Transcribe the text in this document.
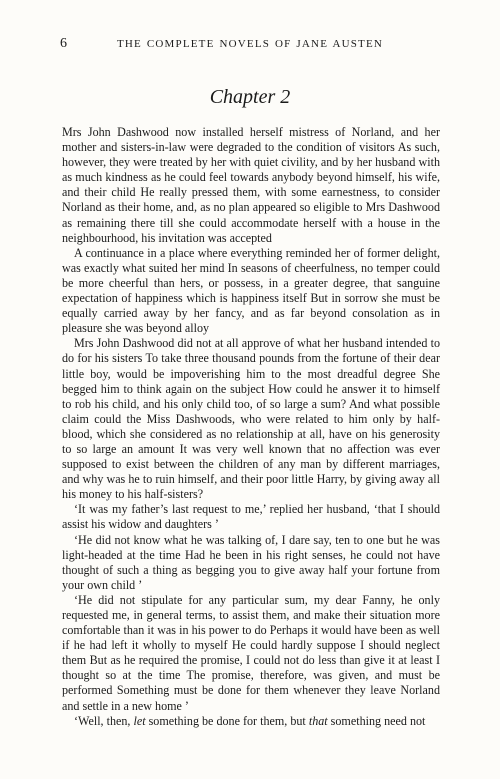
6	THE COMPLETE NOVELS OF JANE AUSTEN
Chapter 2

Mrs John Dashwood now installed herself mistress of Norland, and her mother and sisters-in-law were degraded to the condition of visitors As such, however, they were treated by her with quiet civility, and by her husband with as much kindness as he could feel towards anybody beyond himself, his wife, and their child He really pressed them, with some earnestness, to consider Norland as their home, and, as no plan appeared so eligible to Mrs Dashwood as remaining there till she could accommodate herself with a house in the neighbourhood, his invitation was accepted

A continuance in a place where everything reminded her of former delight, was exactly what suited her mind In seasons of cheerfulness, no temper could be more cheerful than hers, or possess, in a greater degree, that sanguine expectation of happiness which is happiness itself But in sorrow she must be equally carried away by her fancy, and as far beyond consolation as in pleasure she was beyond alloy

Mrs John Dashwood did not at all approve of what her husband intended to do for his sisters To take three thousand pounds from the fortune of their dear little boy, would be impoverishing him to the most dreadful degree She begged him to think again on the subject How could he answer it to himself to rob his child, and his only child too, of so large a sum? And what possible claim could the Miss Dashwoods, who were related to him only by half-blood, which she considered as no relationship at all, have on his generosity to so large an amount It was very well known that no affection was ever supposed to exist between the children of any man by different marriages, and why was he to ruin himself, and their poor little Harry, by giving away all his money to his half-sisters?

‘It was my father’s last request to me,’ replied her husband, ‘that I should assist his widow and daughters ’

‘He did not know what he was talking of, I dare say, ten to one but he was light-headed at the time Had he been in his right senses, he could not have thought of such a thing as begging you to give away half your fortune from your own child ’

‘He did not stipulate for any particular sum, my dear Fanny, he only requested me, in general terms, to assist them, and make their situation more comfortable than it was in his power to do Perhaps it would have been as well if he had left it wholly to myself He could hardly suppose I should neglect them But as he required the promise, I could not do less than give it at least I thought so at the time The promise, therefore, was given, and must be performed Something must be done for them whenever they leave Norland and settle in a new home ’

‘Well, then, let something be done for them, but that something need not
